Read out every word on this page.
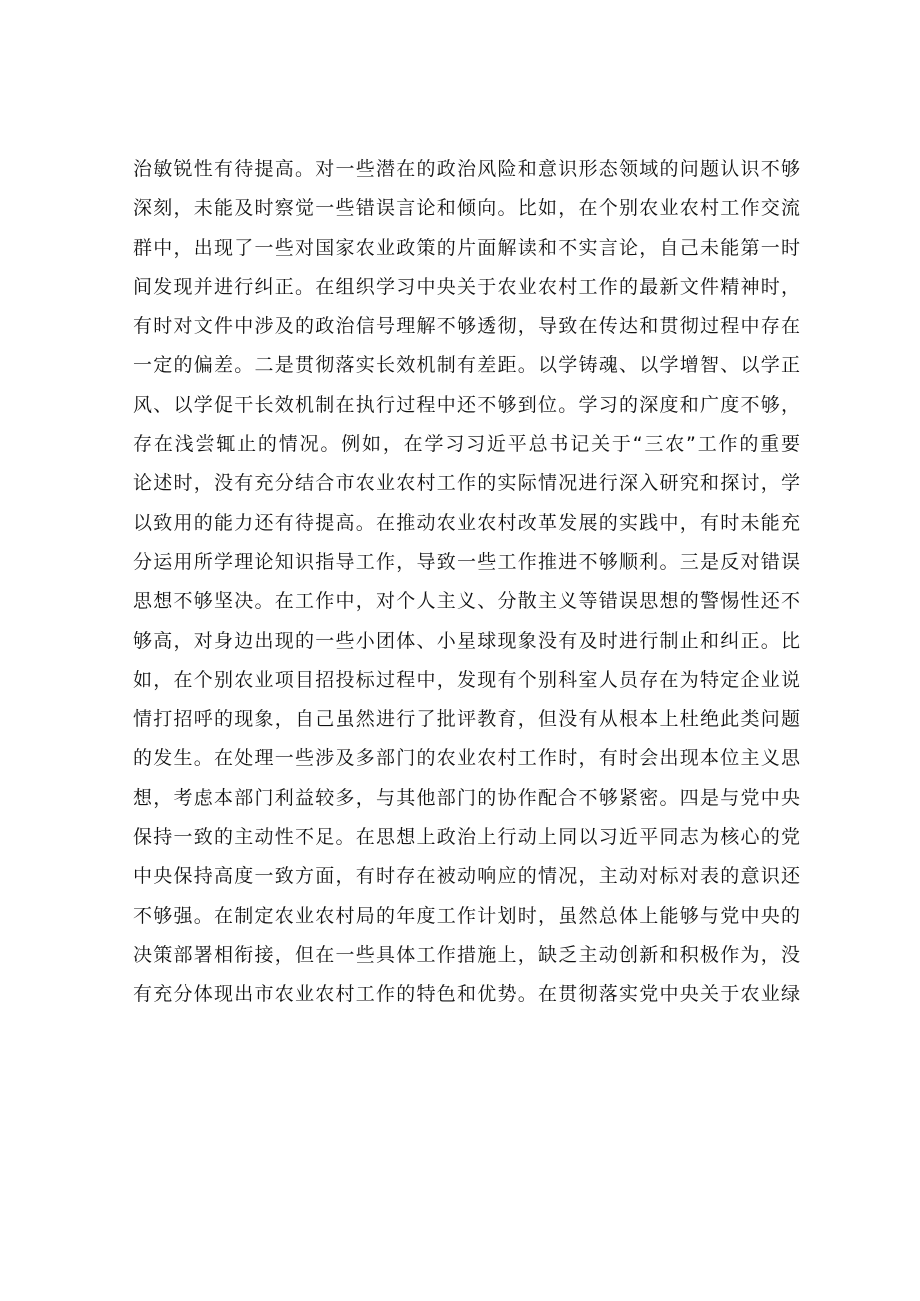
治敏锐性有待提高。对一些潜在的政治风险和意识形态领域的问题认识不够
深刻，未能及时察觉一些错误言论和倾向。比如，在个别农业农村工作交流
群中，出现了一些对国家农业政策的片面解读和不实言论，自己未能第一时
间发现并进行纠正。在组织学习中央关于农业农村工作的最新文件精神时，
有时对文件中涉及的政治信号理解不够透彻，导致在传达和贯彻过程中存在
一定的偏差。二是贯彻落实长效机制有差距。以学铸魂、以学增智、以学正
风、以学促干长效机制在执行过程中还不够到位。学习的深度和广度不够，
存在浅尝辄止的情况。例如，在学习习近平总书记关于“三农”工作的重要
论述时，没有充分结合市农业农村工作的实际情况进行深入研究和探讨，学
以致用的能力还有待提高。在推动农业农村改革发展的实践中，有时未能充
分运用所学理论知识指导工作，导致一些工作推进不够顺利。三是反对错误
思想不够坚决。在工作中，对个人主义、分散主义等错误思想的警惕性还不
够高，对身边出现的一些小团体、小星球现象没有及时进行制止和纠正。比
如，在个别农业项目招投标过程中，发现有个别科室人员存在为特定企业说
情打招呼的现象，自己虽然进行了批评教育，但没有从根本上杜绝此类问题
的发生。在处理一些涉及多部门的农业农村工作时，有时会出现本位主义思
想，考虑本部门利益较多，与其他部门的协作配合不够紧密。四是与党中央
保持一致的主动性不足。在思想上政治上行动上同以习近平同志为核心的党
中央保持高度一致方面，有时存在被动响应的情况，主动对标对表的意识还
不够强。在制定农业农村局的年度工作计划时，虽然总体上能够与党中央的
决策部署相衔接，但在一些具体工作措施上，缺乏主动创新和积极作为，没
有充分体现出市农业农村工作的特色和优势。在贯彻落实党中央关于农业绿
